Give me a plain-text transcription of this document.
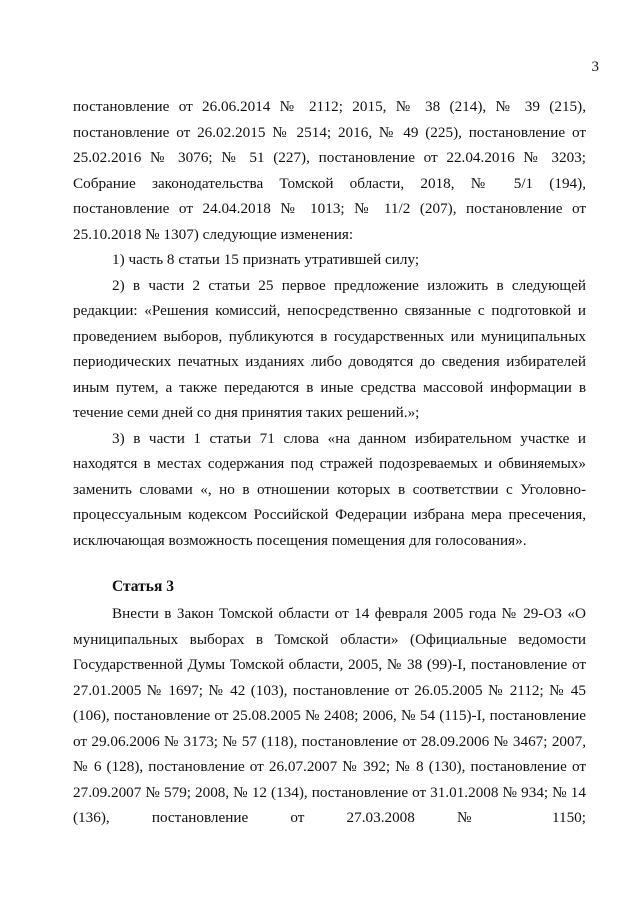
3

постановление от 26.06.2014 № 2112; 2015, № 38 (214), № 39 (215), постановление от 26.02.2015 № 2514; 2016, № 49 (225), постановление от 25.02.2016 № 3076; № 51 (227), постановление от 22.04.2016 № 3203; Собрание законодательства Томской области, 2018, № 5/1 (194), постановление от 24.04.2018 № 1013; № 11/2 (207), постановление от 25.10.2018 № 1307) следующие изменения:

1) часть 8 статьи 15 признать утратившей силу;

2) в части 2 статьи 25 первое предложение изложить в следующей редакции: «Решения комиссий, непосредственно связанные с подготовкой и проведением выборов, публикуются в государственных или муниципальных периодических печатных изданиях либо доводятся до сведения избирателей иным путем, а также передаются в иные средства массовой информации в течение семи дней со дня принятия таких решений.»;

3) в части 1 статьи 71 слова «на данном избирательном участке и находятся в местах содержания под стражей подозреваемых и обвиняемых» заменить словами «, но в отношении которых в соответствии с Уголовно-процессуальным кодексом Российской Федерации избрана мера пресечения, исключающая возможность посещения помещения для голосования».

Статья 3

Внести в Закон Томской области от 14 февраля 2005 года № 29-ОЗ «О муниципальных выборах в Томской области» (Официальные ведомости Государственной Думы Томской области, 2005, № 38 (99)-I, постановление от 27.01.2005 № 1697; № 42 (103), постановление от 26.05.2005 № 2112; № 45 (106), постановление от 25.08.2005 № 2408; 2006, № 54 (115)-I, постановление от 29.06.2006 № 3173; № 57 (118), постановление от 28.09.2006 № 3467; 2007, № 6 (128), постановление от 26.07.2007 № 392; № 8 (130), постановление от 27.09.2007 № 579; 2008, № 12 (134), постановление от 31.01.2008 № 934; № 14 (136), постановление от 27.03.2008 № 1150;
